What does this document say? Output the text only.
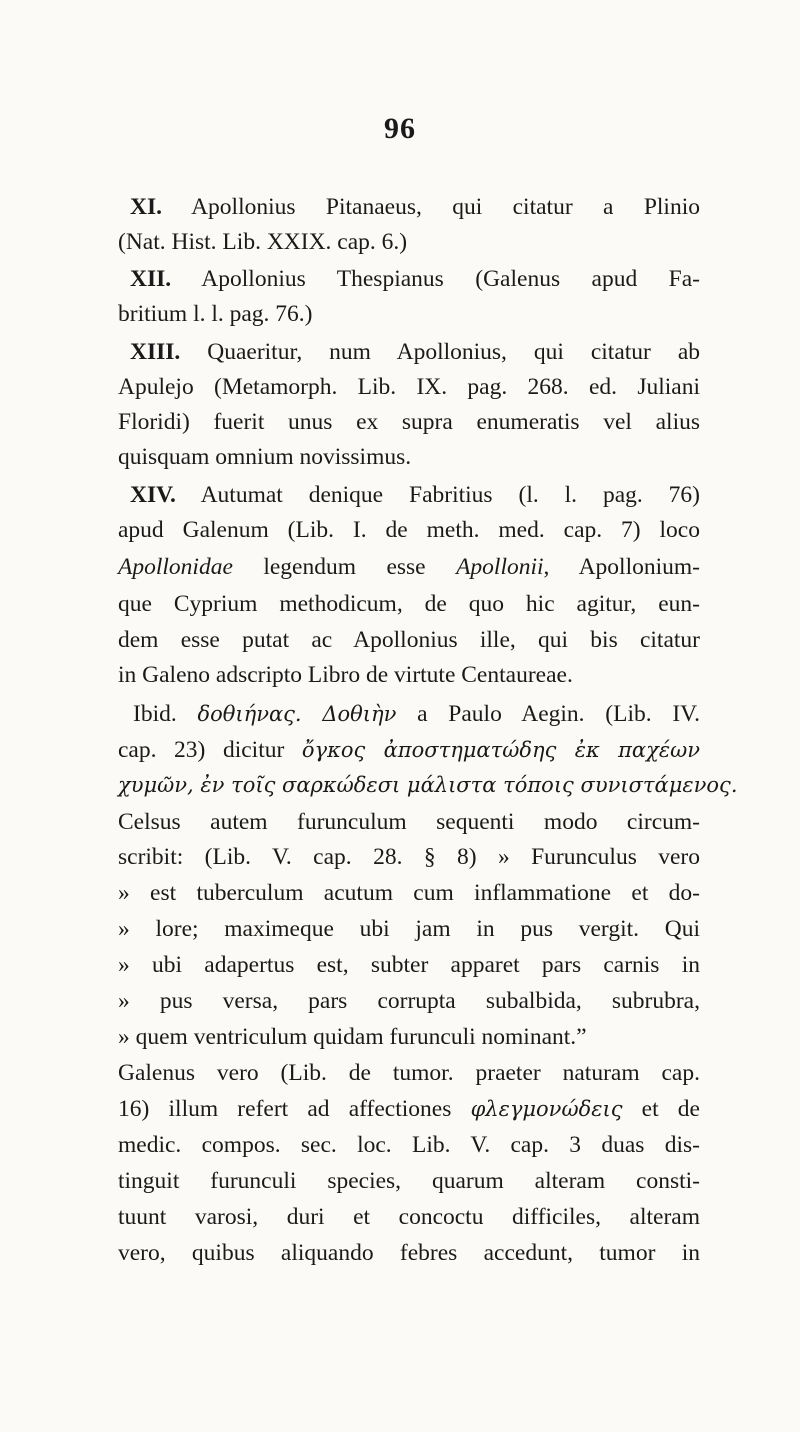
96
XI. Apollonius Pitanaeus, qui citatur a Plinio
(Nat. Hist. Lib. XXIX. cap. 6.)
XII. Apollonius Thespianus (Galenus apud Fa-
britium l. l. pag. 76.)
XIII. Quaeritur, num Apollonius, qui citatur ab
Apulejo (Metamorph. Lib. IX. pag. 268. ed. Juliani
Floridi) fuerit unus ex supra enumeratis vel alius
quisquam omnium novissimus.
XIV. Autumat denique Fabritius (l. l. pag. 76)
apud Galenum (Lib. I. de meth. med. cap. 7) loco
Apollonidae legendum esse Apollonii, Apollonium-
que Cyprium methodicum, de quo hic agitur, eun-
dem esse putat ac Apollonius ille, qui bis citatur
in Galeno adscripto Libro de virtute Centaureae.
Ibid. δοθιήνας. Δοθιὴν a Paulo Aegin. (Lib. IV.
cap. 23) dicitur ὄγκος ἀποστηματώδης ἐκ παχέων
χυμῶν, ἐν τοῖς σαρκώδεσι μάλιστα τόποις συνιστάμενος.
Celsus autem furunculum sequenti modo circum-
scribit: (Lib. V. cap. 28. § 8) » Furunculus vero
» est tuberculum acutum cum inflammatione et do-
» lore; maximeque ubi jam in pus vergit. Qui
» ubi adapertus est, subter apparet pars carnis in
» pus versa, pars corrupta subalbida, subrubra,
» quem ventriculum quidam furunculi nominant.”
Galenus vero (Lib. de tumor. praeter naturam cap.
16) illum refert ad affectiones φλεγμονώδεις et de
medic. compos. sec. loc. Lib. V. cap. 3 duas dis-
tinguit furunculi species, quarum alteram consti-
tuunt varosi, duri et concoctu difficiles, alteram
vero, quibus aliquando febres accedunt, tumor in
